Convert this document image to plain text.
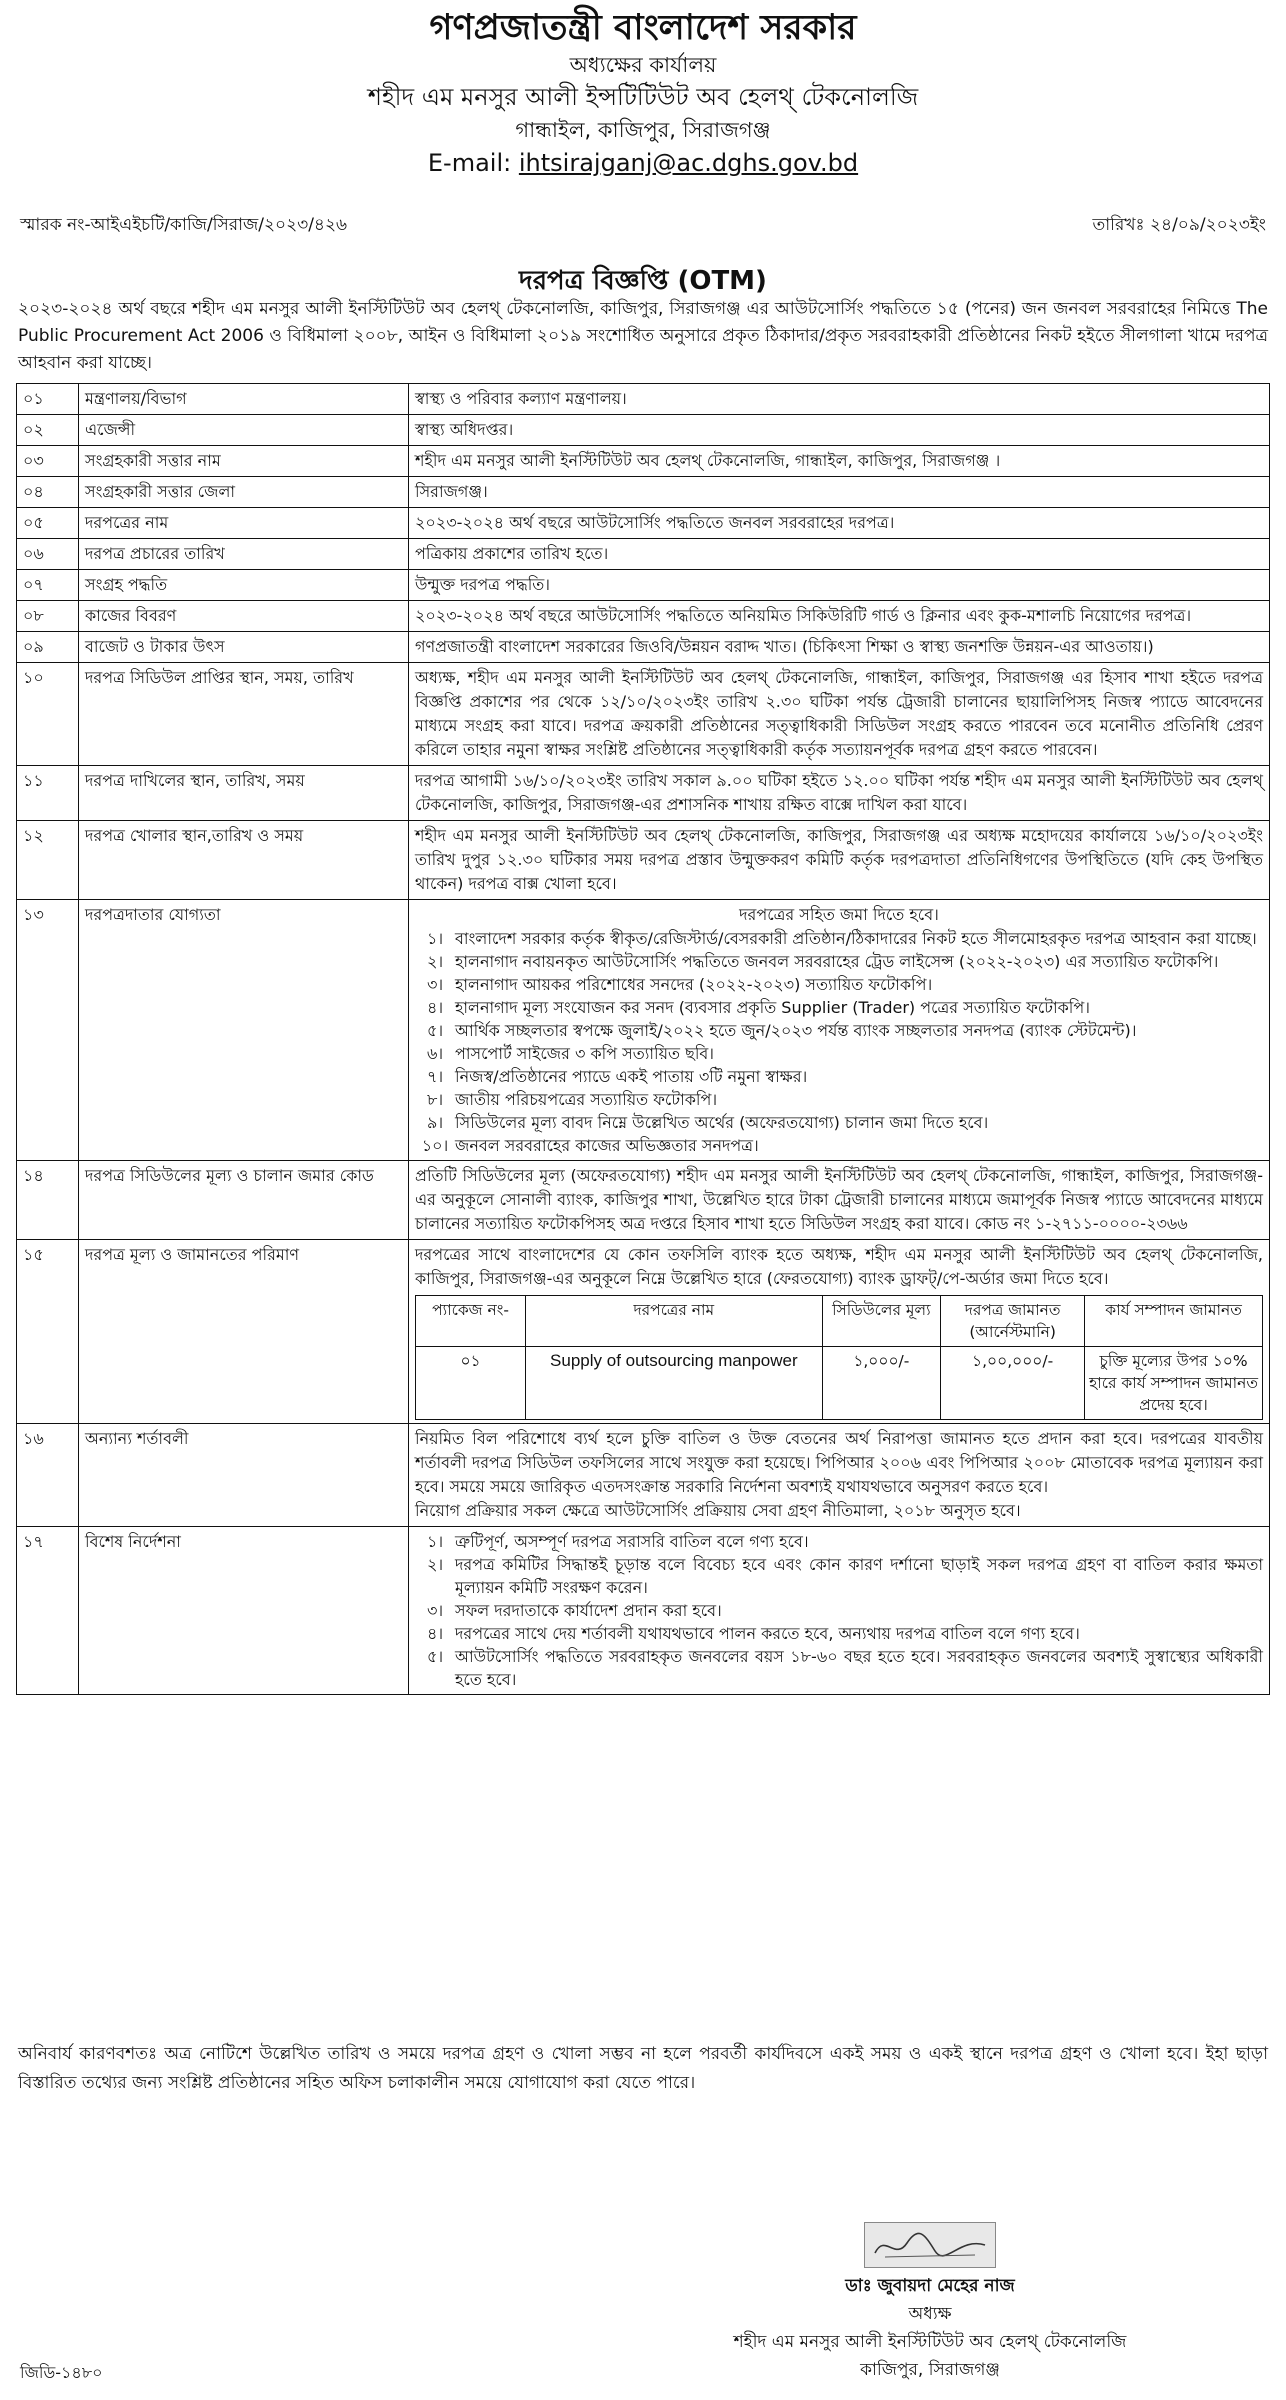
গণপ্রজাতন্ত্রী বাংলাদেশ সরকার
অধ্যক্ষের কার্যালয়
শহীদ এম মনসুর আলী ইন্সটিটিউট অব হেলথ্ টেকনোলজি
গান্ধাইল, কাজিপুর, সিরাজগঞ্জ
E-mail: ihtsirajganj@ac.dghs.gov.bd
স্মারক নং-আইএইচটি/কাজি/সিরাজ/২০২৩/৪২৬	তারিখঃ ২৪/০৯/২০২৩ইং
দরপত্র বিজ্ঞপ্তি (OTM)
২০২৩-২০২৪ অর্থ বছরে শহীদ এম মনসুর আলী ইনস্টিটিউট অব হেলথ্ টেকনোলজি, কাজিপুর, সিরাজগঞ্জ এর আউটসোর্সিং পদ্ধতিতে ১৫ (পনের) জন জনবল সরবরাহের নিমিত্তে The Public Procurement Act 2006 ও বিধিমালা ২০০৮, আইন ও বিধিমালা ২০১৯ সংশোধিত অনুসারে প্রকৃত ঠিকাদার/প্রকৃত সরবরাহকারী প্রতিষ্ঠানের নিকট হইতে সীলগালা খামে দরপত্র আহবান করা যাচ্ছে।
০১	মন্ত্রণালয়/বিভাগ	স্বাস্থ্য ও পরিবার কল্যাণ মন্ত্রণালয়।
০২	এজেন্সী	স্বাস্থ্য অধিদপ্তর।
০৩	সংগ্রহকারী সত্তার নাম	শহীদ এম মনসুর আলী ইনস্টিটিউট অব হেলথ্ টেকনোলজি, গান্ধাইল, কাজিপুর, সিরাজগঞ্জ ।
০৪	সংগ্রহকারী সত্তার জেলা	সিরাজগঞ্জ।
০৫	দরপত্রের নাম	২০২৩-২০২৪ অর্থ বছরে আউটসোর্সিং পদ্ধতিতে জনবল সরবরাহের দরপত্র।
০৬	দরপত্র প্রচারের তারিখ	পত্রিকায় প্রকাশের তারিখ হতে।
০৭	সংগ্রহ পদ্ধতি	উন্মুক্ত দরপত্র পদ্ধতি।
০৮	কাজের বিবরণ	২০২৩-২০২৪ অর্থ বছরে আউটসোর্সিং পদ্ধতিতে অনিয়মিত সিকিউরিটি গার্ড ও ক্লিনার এবং কুক-মশালচি নিয়োগের দরপত্র।
০৯	বাজেট ও টাকার উৎস	গণপ্রজাতন্ত্রী বাংলাদেশ সরকারের জিওবি/উন্নয়ন বরাদ্দ খাত। (চিকিৎসা শিক্ষা ও স্বাস্থ্য জনশক্তি উন্নয়ন-এর আওতায়।)
১০	দরপত্র সিডিউল প্রাপ্তির স্থান, সময়, তারিখ	অধ্যক্ষ, শহীদ এম মনসুর আলী ইনস্টিটিউট অব হেলথ্ টেকনোলজি, গান্ধাইল, কাজিপুর, সিরাজগঞ্জ এর হিসাব শাখা হইতে দরপত্র বিজ্ঞপ্তি প্রকাশের পর থেকে ১২/১০/২০২৩ইং তারিখ ২.৩০ ঘটিকা পর্যন্ত ট্রেজারী চালানের ছায়ালিপিসহ নিজস্ব প্যাডে আবেদনের মাধ্যমে সংগ্রহ করা যাবে। দরপত্র ক্রয়কারী প্রতিষ্ঠানের সত্ত্বাধিকারী সিডিউল সংগ্রহ করতে পারবেন তবে মনোনীত প্রতিনিধি প্রেরণ করিলে তাহার নমুনা স্বাক্ষর সংশ্লিষ্ট প্রতিষ্ঠানের সত্ত্বাধিকারী কর্তৃক সত্যায়নপূর্বক দরপত্র গ্রহণ করতে পারবেন।
১১	দরপত্র দাখিলের স্থান, তারিখ, সময়	দরপত্র আগামী ১৬/১০/২০২৩ইং তারিখ সকাল ৯.০০ ঘটিকা হইতে ১২.০০ ঘটিকা পর্যন্ত শহীদ এম মনসুর আলী ইনস্টিটিউট অব হেলথ্ টেকনোলজি, কাজিপুর, সিরাজগঞ্জ-এর প্রশাসনিক শাখায় রক্ষিত বাক্সে দাখিল করা যাবে।
১২	দরপত্র খোলার স্থান,তারিখ ও সময়	শহীদ এম মনসুর আলী ইনস্টিটিউট অব হেলথ্ টেকনোলজি, কাজিপুর, সিরাজগঞ্জ এর অধ্যক্ষ মহোদয়ের কার্যালয়ে ১৬/১০/২০২৩ইং তারিখ দুপুর ১২.৩০ ঘটিকার সময় দরপত্র প্রস্তাব উন্মুক্তকরণ কমিটি কর্তৃক দরপত্রদাতা প্রতিনিধিগণের উপস্থিতিতে (যদি কেহ উপস্থিত থাকেন) দরপত্র বাক্স খোলা হবে।
১৩	দরপত্রদাতার যোগ্যতা	দরপত্রের সহিত জমা দিতে হবে।
১। বাংলাদেশ সরকার কর্তৃক স্বীকৃত/রেজিস্টার্ড/বেসরকারী প্রতিষ্ঠান/ঠিকাদারের নিকট হতে সীলমোহরকৃত দরপত্র আহবান করা যাচ্ছে।
২। হালনাগাদ নবায়নকৃত আউটসোর্সিং পদ্ধতিতে জনবল সরবরাহের ট্রেড লাইসেন্স (২০২২-২০২৩) এর সত্যায়িত ফটোকপি।
৩। হালনাগাদ আয়কর পরিশোধের সনদের (২০২২-২০২৩) সত্যায়িত ফটোকপি।
৪। হালনাগাদ মূল্য সংযোজন কর সনদ (ব্যবসার প্রকৃতি Supplier (Trader) পত্রের সত্যায়িত ফটোকপি।
৫। আর্থিক সচ্ছলতার স্বপক্ষে জুলাই/২০২২ হতে জুন/২০২৩ পর্যন্ত ব্যাংক সচ্ছলতার সনদপত্র (ব্যাংক স্টেটমেন্ট)।
৬। পাসপোর্ট সাইজের ৩ কপি সত্যায়িত ছবি।
৭। নিজস্ব/প্রতিষ্ঠানের প্যাডে একই পাতায় ৩টি নমুনা স্বাক্ষর।
৮। জাতীয় পরিচয়পত্রের সত্যায়িত ফটোকপি।
৯। সিডিউলের মূল্য বাবদ নিম্নে উল্লেখিত অর্থের (অফেরতযোগ্য) চালান জমা দিতে হবে।
১০। জনবল সরবরাহের কাজের অভিজ্ঞতার সনদপত্র।

১৪	দরপত্র সিডিউলের মূল্য ও চালান জমার কোড	প্রতিটি সিডিউলের মূল্য (অফেরতযোগ্য) শহীদ এম মনসুর আলী ইনস্টিটিউট অব হেলথ্ টেকনোলজি, গান্ধাইল, কাজিপুর, সিরাজগঞ্জ-এর অনুকূলে সোনালী ব্যাংক, কাজিপুর শাখা, উল্লেখিত হারে টাকা ট্রেজারী চালানের মাধ্যমে জমাপূর্বক নিজস্ব প্যাডে আবেদনের মাধ্যমে চালানের সত্যায়িত ফটোকপিসহ অত্র দপ্তরে হিসাব শাখা হতে সিডিউল সংগ্রহ করা যাবে। কোড নং ১-২৭১১-০০০০-২৩৬৬
১৫	দরপত্র মূল্য ও জামানতের পরিমাণ	দরপত্রের সাথে বাংলাদেশের যে কোন তফসিলি ব্যাংক হতে অধ্যক্ষ, শহীদ এম মনসুর আলী ইনস্টিটিউট অব হেলথ্ টেকনোলজি, কাজিপুর, সিরাজগঞ্জ-এর অনুকূলে নিম্নে উল্লেখিত হারে (ফেরতযোগ্য) ব্যাংক ড্রাফট্/পে-অর্ডার জমা দিতে হবে।
প্যাকেজ নং-	দরপত্রের নাম	সিডিউলের মূল্য	দরপত্র জামানত (আর্নেস্টমানি)	কার্য সম্পাদন জামানত
০১	Supply of outsourcing manpower	১,০০০/-	১,০০,০০০/-	চুক্তি মূল্যের উপর ১০% হারে কার্য সম্পাদন জামানত প্রদেয় হবে।

১৬	অন্যান্য শর্তাবলী	নিয়মিত বিল পরিশোধে ব্যর্থ হলে চুক্তি বাতিল ও উক্ত বেতনের অর্থ নিরাপত্তা জামানত হতে প্রদান করা হবে। দরপত্রের যাবতীয় শর্তাবলী দরপত্র সিডিউল তফসিলের সাথে সংযুক্ত করা হয়েছে। পিপিআর ২০০৬ এবং পিপিআর ২০০৮ মোতাবেক দরপত্র মূল্যায়ন করা হবে। সময়ে সময়ে জারিকৃত এতদসংক্রান্ত সরকারি নির্দেশনা অবশ্যই যথাযথভাবে অনুসরণ করতে হবে।
নিয়োগ প্রক্রিয়ার সকল ক্ষেত্রে আউটসোর্সিং প্রক্রিয়ায় সেবা গ্রহণ নীতিমালা, ২০১৮ অনুসৃত হবে।

১৭	বিশেষ নির্দেশনা	১। ত্রুটিপূর্ণ, অসম্পূর্ণ দরপত্র সরাসরি বাতিল বলে গণ্য হবে।
২। দরপত্র কমিটির সিদ্ধান্তই চূড়ান্ত বলে বিবেচ্য হবে এবং কোন কারণ দর্শানো ছাড়াই সকল দরপত্র গ্রহণ বা বাতিল করার ক্ষমতা মূল্যায়ন কমিটি সংরক্ষণ করেন।
৩। সফল দরদাতাকে কার্যাদেশ প্রদান করা হবে।
৪। দরপত্রের সাথে দেয় শর্তাবলী যথাযথভাবে পালন করতে হবে, অন্যথায় দরপত্র বাতিল বলে গণ্য হবে।
৫। আউটসোর্সিং পদ্ধতিতে সরবরাহকৃত জনবলের বয়স ১৮-৬০ বছর হতে হবে। সরবরাহকৃত জনবলের অবশ্যই সুস্বাস্থ্যের অধিকারী হতে হবে।
অনিবার্য কারণবশতঃ অত্র নোটিশে উল্লেখিত তারিখ ও সময়ে দরপত্র গ্রহণ ও খোলা সম্ভব না হলে পরবর্তী কার্যদিবসে একই সময় ও একই স্থানে দরপত্র গ্রহণ ও খোলা হবে। ইহা ছাড়া বিস্তারিত তথ্যের জন্য সংশ্লিষ্ট প্রতিষ্ঠানের সহিত অফিস চলাকালীন সময়ে যোগাযোগ করা যেতে পারে।
ডাঃ জুবায়দা মেহের নাজ
অধ্যক্ষ
শহীদ এম মনসুর আলী ইনস্টিটিউট অব হেলথ্ টেকনোলজি
কাজিপুর, সিরাজগঞ্জ
জিডি-১৪৮০
